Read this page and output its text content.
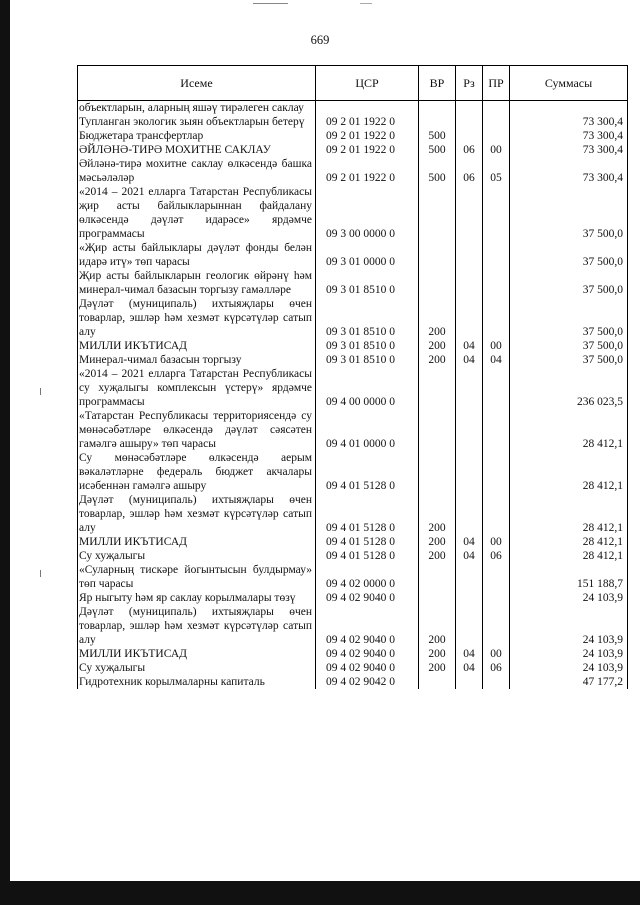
669
Исеме	ЦСР	ВР	Рз	ПР	Суммасы
объектларын, аларның яшәү тирәлеген саклау					
Тупланган экологик зыян объектларын бетерү	09 2 01 1922 0				73 300,4
Бюджетара трансфертлар	09 2 01 1922 0	500			73 300,4
ӘЙЛӘНӘ-ТИРӘ МОХИТНЕ САКЛАУ	09 2 01 1922 0	500	06	00	73 300,4
Әйләнә-тирә мохитне саклау өлкәсендә башка мәсьәләләр	09 2 01 1922 0	500	06	05	73 300,4
«2014 – 2021 елларга Татарстан Республикасы җир асты байлыкларыннан файдалану өлкәсендә дәүләт идарәсе» ярдәмче программасы	09 3 00 0000 0				37 500,0
«Җир асты байлыклары дәүләт фонды белән идарә итү» төп чарасы	09 3 01 0000 0				37 500,0
Җир асты байлыкларын геологик өйрәнү һәм минерал-чимал базасын торгызу гамәлләре	09 3 01 8510 0				37 500,0
Дәүләт (муниципаль) ихтыяҗлары өчен товарлар, эшләр һәм хезмәт күрсәтүләр сатып алу	09 3 01 8510 0	200			37 500,0
МИЛЛИ ИКЪТИСАД	09 3 01 8510 0	200	04	00	37 500,0
Минерал-чимал базасын торгызу	09 3 01 8510 0	200	04	04	37 500,0
«2014 – 2021 елларга Татарстан Республикасы су хуҗалыгы комплексын үстерү» ярдәмче программасы	09 4 00 0000 0				236 023,5
«Татарстан Республикасы территориясендә су мөнәсәбәтләре өлкәсендә дәүләт сәясәтен гамәлгә ашыру» төп чарасы	09 4 01 0000 0				28 412,1
Су мөнәсәбәтләре өлкәсендә аерым вәкаләтләрне федераль бюджет акчалары исәбеннән гамәлгә ашыру	09 4 01 5128 0				28 412,1
Дәүләт (муниципаль) ихтыяҗлары өчен товарлар, эшләр һәм хезмәт күрсәтүләр сатып алу	09 4 01 5128 0	200			28 412,1
МИЛЛИ ИКЪТИСАД	09 4 01 5128 0	200	04	00	28 412,1
Су хуҗалыгы	09 4 01 5128 0	200	04	06	28 412,1
«Суларның тискәре йогынтысын булдырмау» төп чарасы	09 4 02 0000 0				151 188,7
Яр ныгыту һәм яр саклау корылмалары төзү	09 4 02 9040 0				24 103,9
Дәүләт (муниципаль) ихтыяҗлары өчен товарлар, эшләр һәм хезмәт күрсәтүләр сатып алу	09 4 02 9040 0	200			24 103,9
МИЛЛИ ИКЪТИСАД	09 4 02 9040 0	200	04	00	24 103,9
Су хуҗалыгы	09 4 02 9040 0	200	04	06	24 103,9
Гидротехник корылмаларны капиталь	09 4 02 9042 0				47 177,2
